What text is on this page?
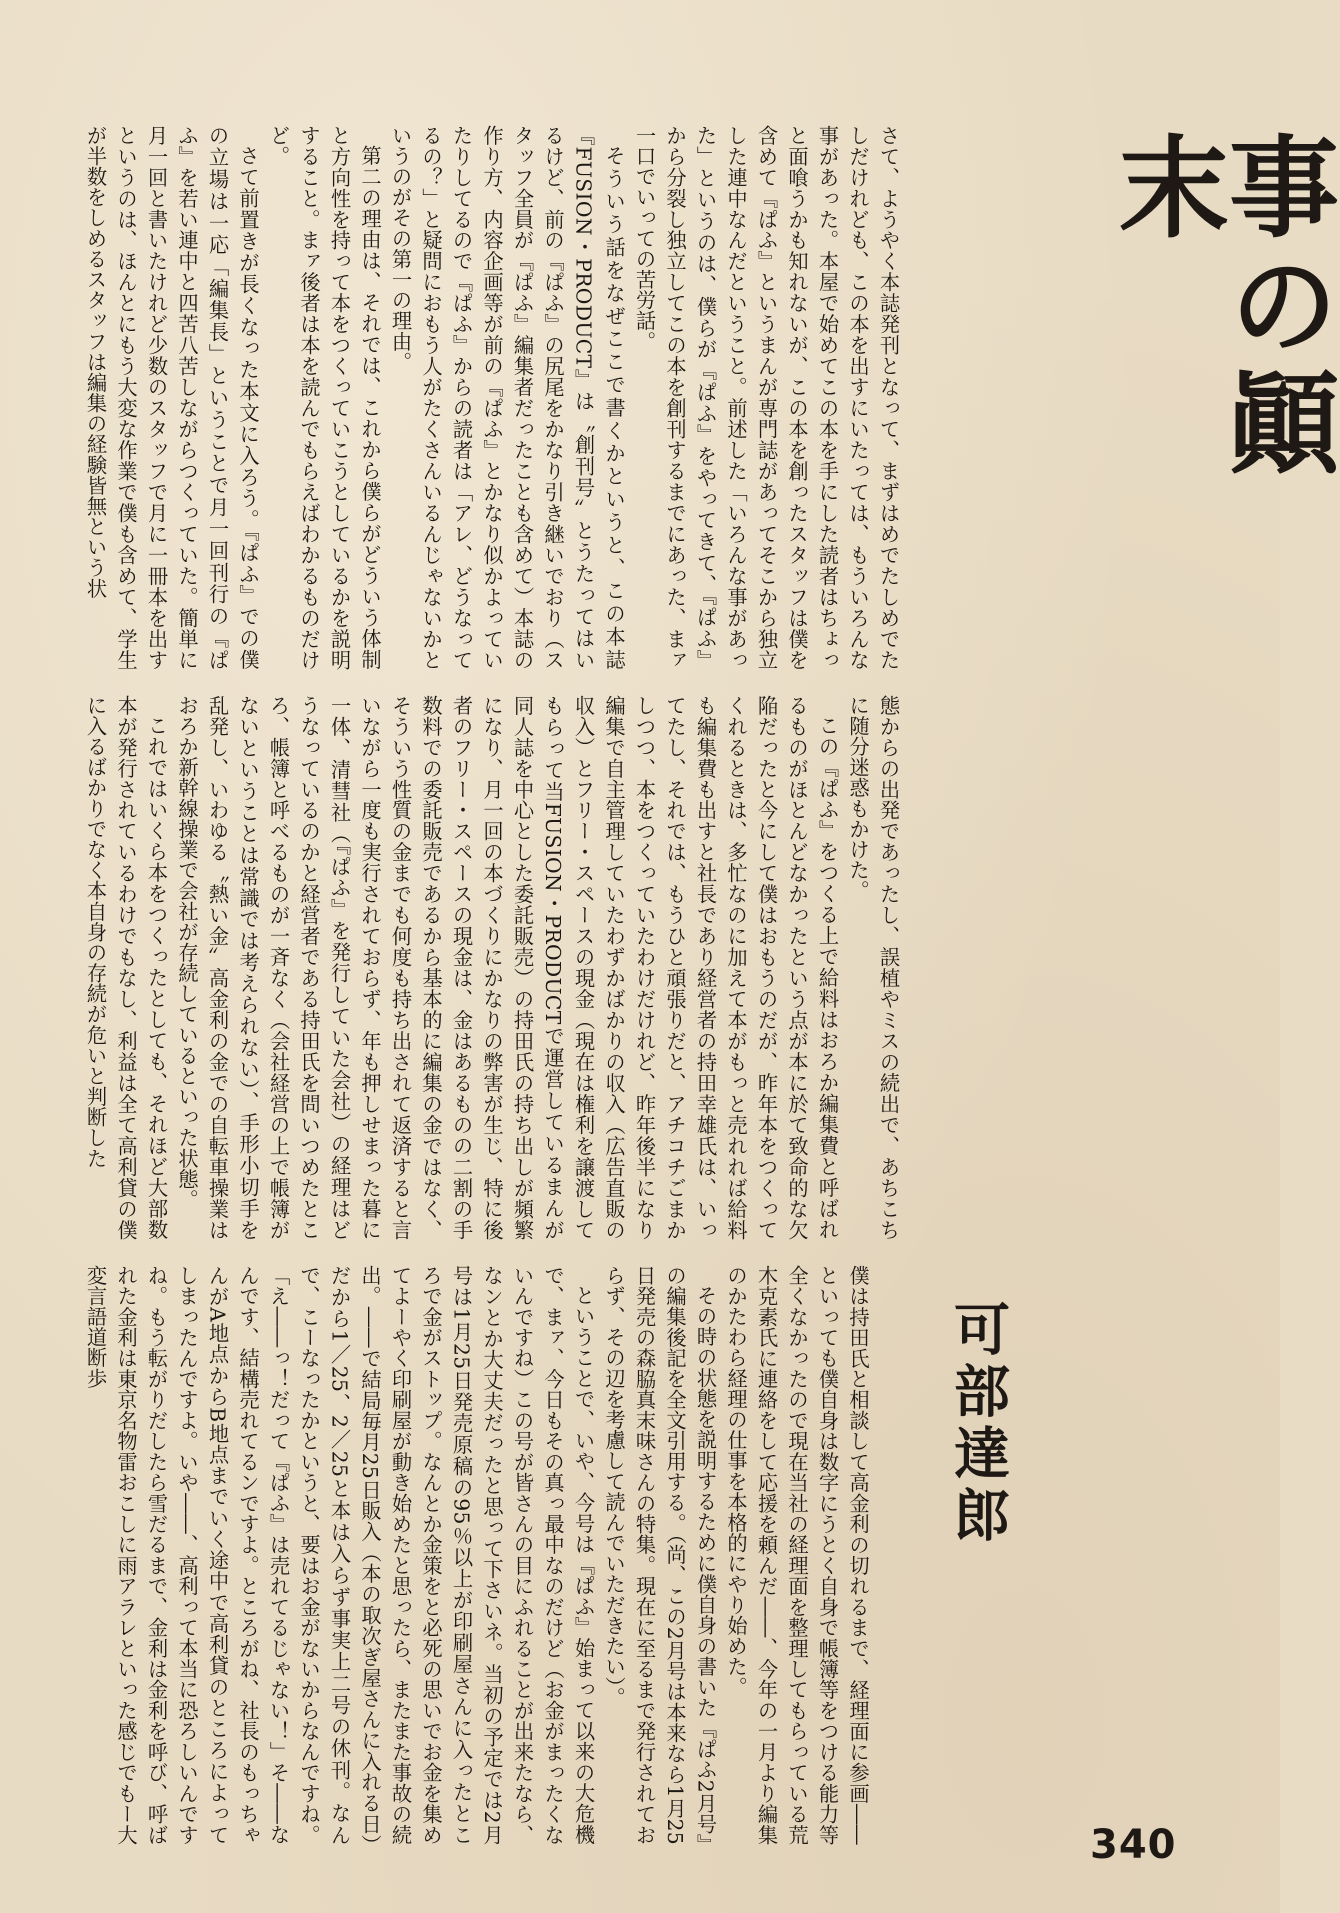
事の顚末

さて、ようやく本誌発刊となって、まずはめでたしめでたしだけれども、この本を出すにいたっては、もういろんな事があった。本屋で始めてこの本を手にした読者はちょっと面喰うかも知れないが、この本を創ったスタッフは僕を含めて『ぱふ』というまんが専門誌があってそこから独立した連中なんだということ。前述した「いろんな事があった」というのは、僕らが『ぱふ』をやってきて、『ぱふ』から分裂し独立してこの本を創刊するまでにあった、まァ一口でいっての苦労話。

そういう話をなぜここで書くかというと、この本誌『FUSION・PRODUCT』は〝創刊号〟とうたってはいるけど、前の『ぱふ』の尻尾をかなり引き継いでおり（スタッフ全員が『ぱふ』編集者だったことも含めて）本誌の作り方、内容企画等が前の『ぱふ』とかなり似かよっていたりしてるので『ぱふ』からの読者は「アレ、どうなってるの？」と疑問におもう人がたくさんいるんじゃないかというのがその第一の理由。

第二の理由は、それでは、これから僕らがどういう体制と方向性を持って本をつくっていこうとしているかを説明すること。まァ後者は本を読んでもらえばわかるものだけど。

さて前置きが長くなった本文に入ろう。『ぱふ』での僕の立場は一応「編集長」ということで月一回刊行の『ぱふ』を若い連中と四苦八苦しながらつくっていた。簡単に月一回と書いたけれど少数のスタッフで月に一冊本を出すというのは、ほんとにもう大変な作業で僕も含めて、学生が半数をしめるスタッフは編集の経験皆無という状

態からの出発であったし、誤植やミスの続出で、あちこちに随分迷惑もかけた。

この『ぱふ』をつくる上で給料はおろか編集費と呼ばれるものがほとんどなかったという点が本に於て致命的な欠陥だったと今にして僕はおもうのだが、昨年本をつくってくれるときは、多忙なのに加えて本がもっと売れれば給料も編集費も出すと社長であり経営者の持田幸雄氏は、いってたし、それでは、もうひと頑張りだと、アチコチごまかしつつ、本をつくっていたわけだけれど、昨年後半になり編集で自主管理していたわずかばかりの収入（広告直販の収入）とフリー・スペースの現金（現在は権利を譲渡してもらって当FUSION・PRODUCTで運営しているまんが同人誌を中心とした委託販売）の持田氏の持ち出しが頻繁になり、月一回の本づくりにかなりの弊害が生じ、特に後者のフリー・スペースの現金は、金はあるものの二割の手数料での委託販売であるから基本的に編集の金ではなく、そういう性質の金までも何度も持ち出されて返済すると言いながら一度も実行されておらず、年も押しせまった暮に一体、清彗社（『ぱふ』を発行していた会社）の経理はどうなっているのかと経営者である持田氏を問いつめたところ、帳簿と呼べるものが一斉なく（会社経営の上で帳簿がないということは常識では考えられない）、手形小切手を乱発し、いわゆる〝熱い金〟高金利の金での自転車操業はおろか新幹線操業で会社が存続しているといった状態。

これではいくら本をつくったとしても、それほど大部数本が発行されているわけでもなし、利益は全て高利貸の僕に入るばかりでなく本自身の存続が危いと判断した

可部達郎

僕は持田氏と相談して高金利の切れるまで、経理面に参画――といっても僕自身は数字にうとく自身で帳簿等をつける能力等全くなかったので現在当社の経理面を整理してもらっている荒木克素氏に連絡をして応援を頼んだ――、今年の一月より編集のかたわら経理の仕事を本格的にやり始めた。

その時の状態を説明するために僕自身の書いた『ぱふ2月号』の編集後記を全文引用する。（尚、この2月号は本来なら1月25日発売の森脇真末味さんの特集。現在に至るまで発行されておらず、その辺を考慮して読んでいただきたい）。

ということで、いや、今号は『ぱふ』始まって以来の大危機で、まァ、今日もその真っ最中なのだけど（お金がまったくないんですね）この号が皆さんの目にふれることが出来たなら、なンとか大丈夫だったと思って下さいネ。当初の予定では2月号は1月25日発売原稿の95％以上が印刷屋さんに入ったところで金がストップ。なんとか金策をと必死の思いでお金を集めてよーやく印刷屋が動き始めたと思ったら、またまた事故の続出。――で結局毎月25日販入（本の取次ぎ屋さんに入れる日）だから1／25、2／25と本は入らず事実上二号の休刊。なんで、こーなったかというと、要はお金がないからなんですね。「え――っ！だって『ぱふ』は売れてるじゃない！」そ――なんです、結構売れてるンですよ。ところがね、社長のもっちゃんがA地点からB地点までいく途中で高利貸のところによってしまったんですよ。いや――、高利って本当に恐ろしいんですね。もう転がりだしたら雪だるまで、金利は金利を呼び、呼ばれた金利は東京名物雷おこしに雨アラレといった感じでもー大変言語道断歩

340
